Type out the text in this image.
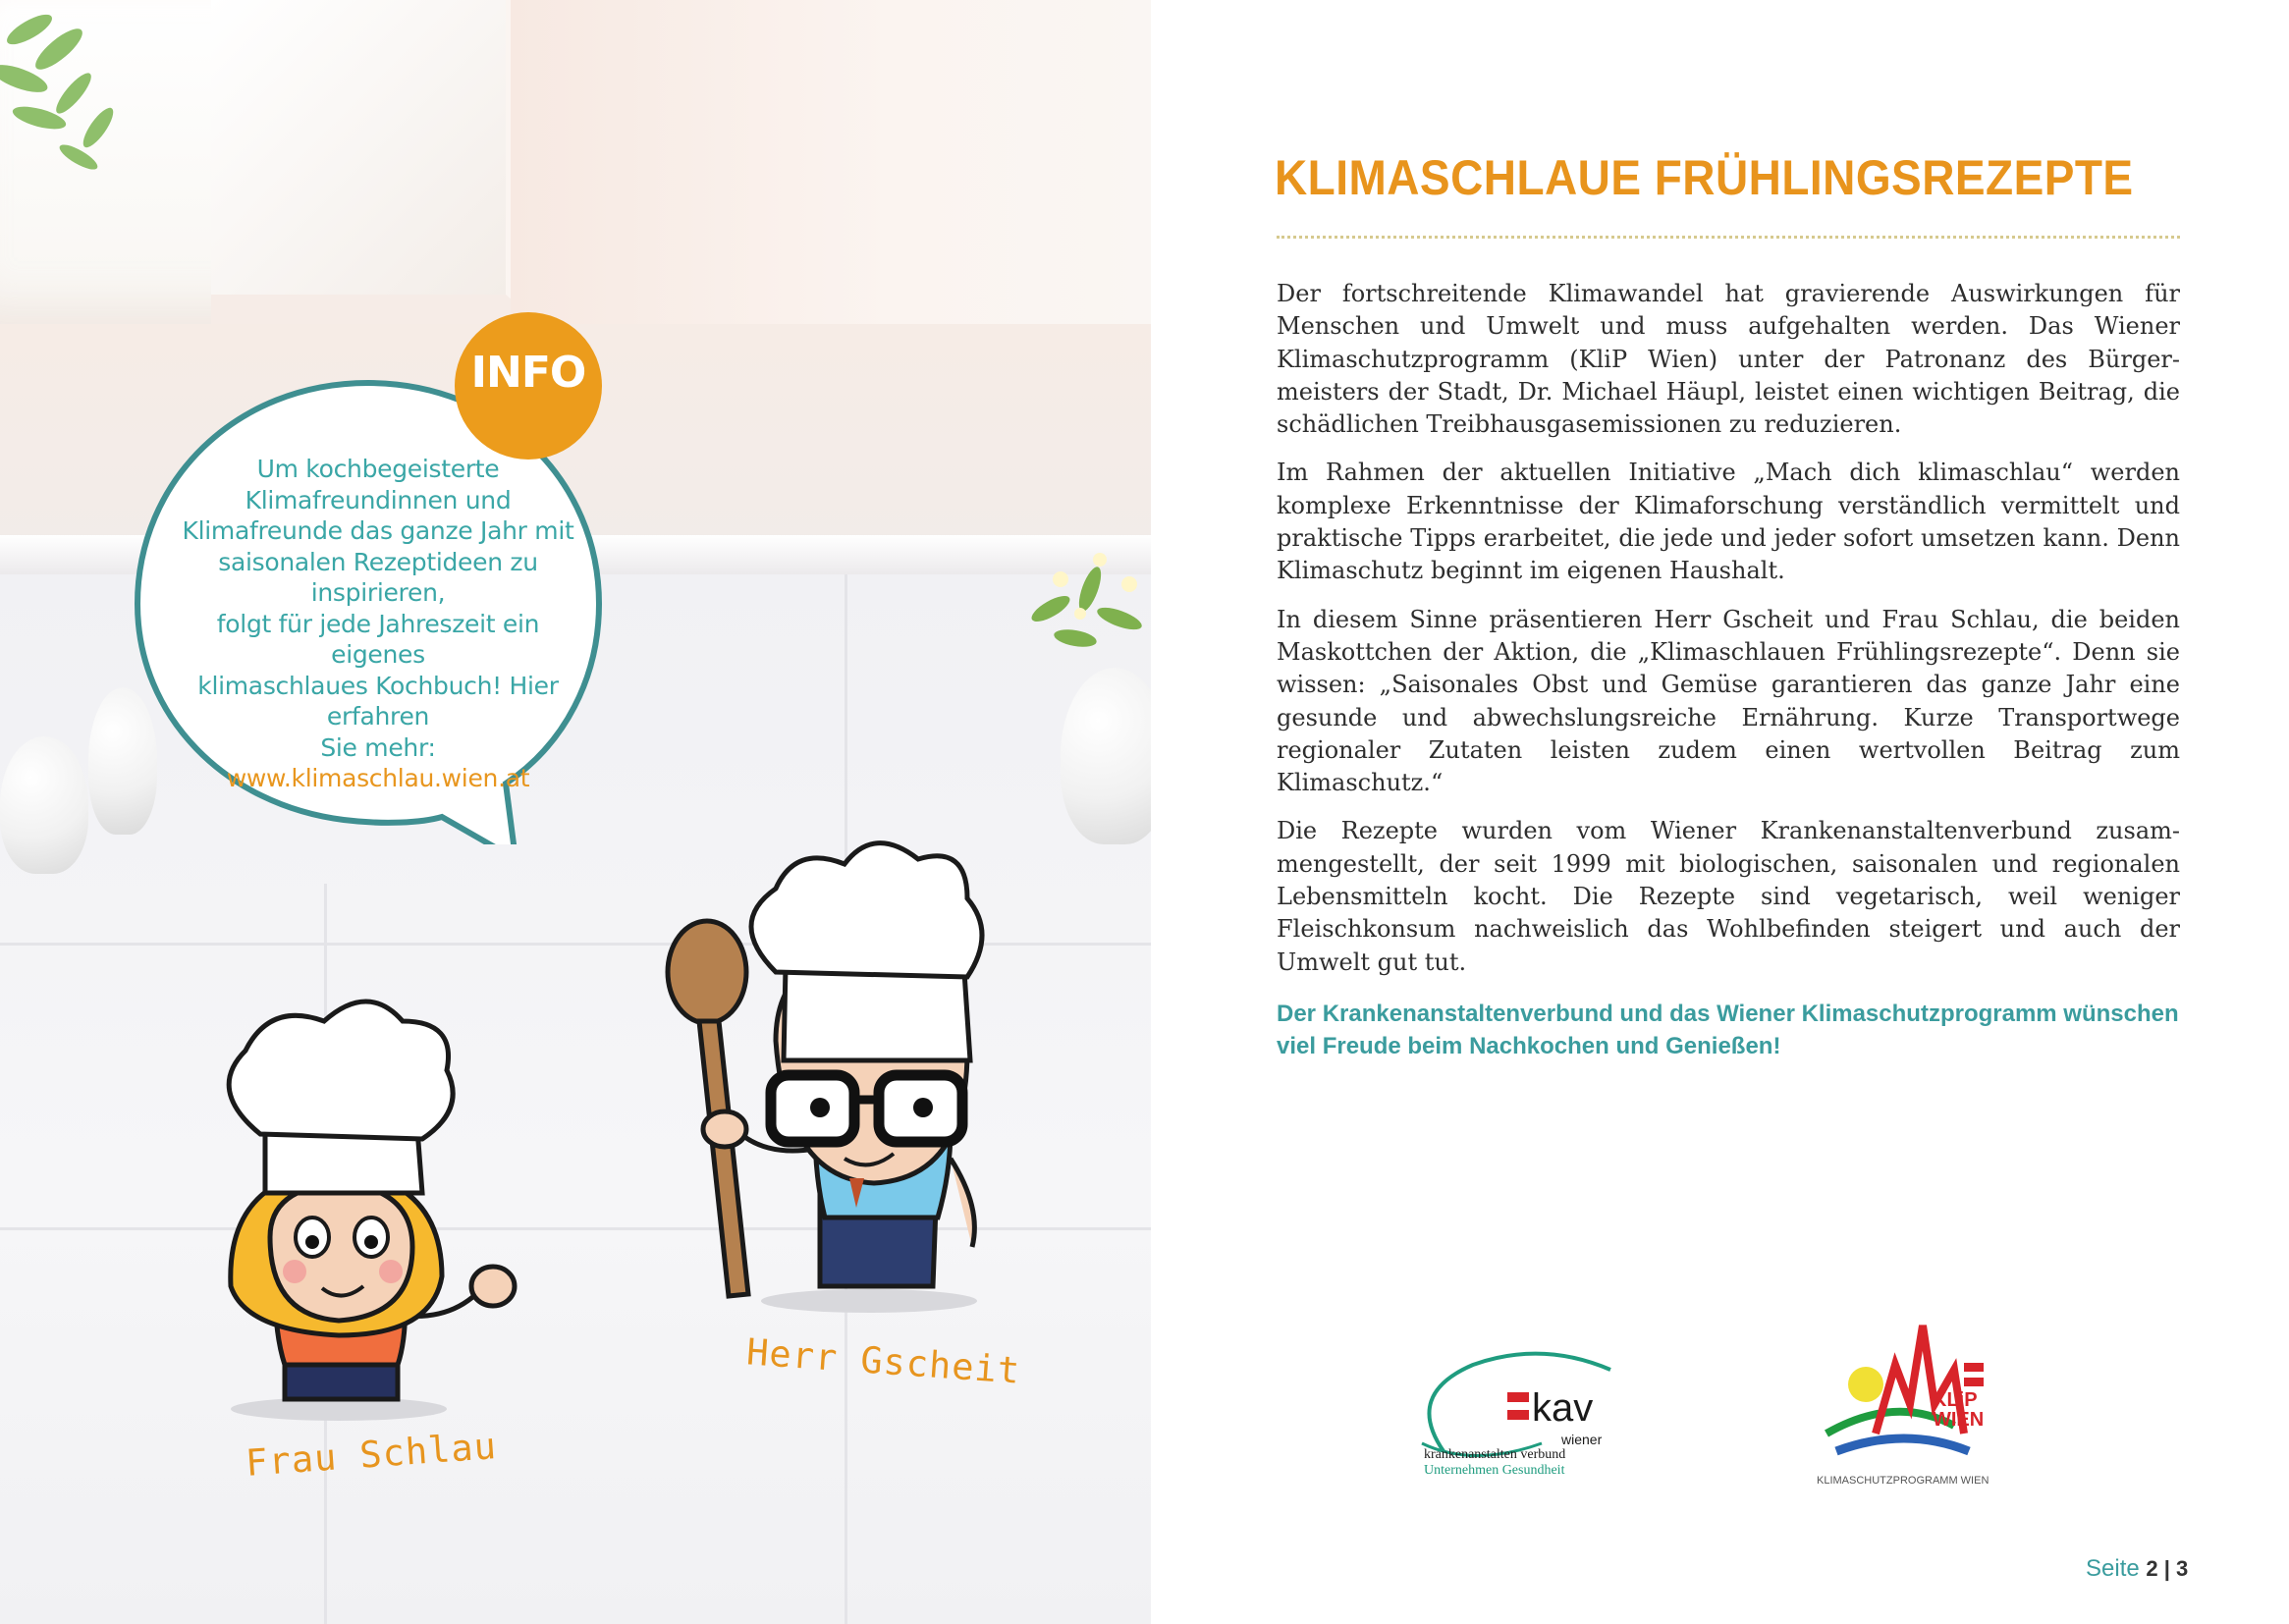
INFO
Um kochbegeisterte
Klimafreundinnen und
Klimafreunde das ganze Jahr mit
saisonalen Rezeptideen zu inspirieren,
folgt für jede Jahreszeit ein eigenes
klimaschlaues Kochbuch! Hier erfahren
Sie mehr: www.klimaschlau.wien.at
Herr Gscheit
Frau Schlau
KLIMASCHLAUE FRÜHLINGSREZEPTE

Der fortschreitende Klimawandel hat gravierende Auswirkungen für Menschen und Umwelt und muss aufgehalten werden. Das Wiener Klimaschutzprogramm (KliP Wien) unter der Patronanz des Bürgermeisters der Stadt, Dr. Michael Häupl, leistet einen wichtigen Beitrag, die schädlichen Treibhausgasemissionen zu reduzieren.

Im Rahmen der aktuellen Initiative „Mach dich klimaschlau“ werden komplexe Erkenntnisse der Klimaforschung verständlich vermittelt und praktische Tipps erarbeitet, die jede und jeder sofort umsetzen kann. Denn Klimaschutz beginnt im eigenen Haushalt.

In diesem Sinne präsentieren Herr Gscheit und Frau Schlau, die beiden Maskottchen der Aktion, die „Klimaschlauen Frühlingsrezepte“. Denn sie wissen: „Saisonales Obst und Gemüse garantieren das ganze Jahr eine gesunde und abwechslungsreiche Ernährung. Kurze Transportwege regionaler Zutaten leisten zudem einen wertvollen Beitrag zum Klimaschutz.“

Die Rezepte wurden vom Wiener Krankenanstaltenverbund zusammengestellt, der seit 1999 mit biologischen, saisonalen und regionalen Lebensmitteln kocht. Die Rezepte sind vegetarisch, weil weniger Fleischkonsum nachweislich das Wohlbefinden steigert und auch der Umwelt gut tut.

Der Krankenanstaltenverbund und das Wiener Klimaschutzprogramm wünschen viel Freude beim Nachkochen und Genießen!
kav
wiener
krankenanstalten verbund
Unternehmen Gesundheit
KLiP
WIEN
KLIMASCHUTZPROGRAMM WIEN
Seite 2 | 3
